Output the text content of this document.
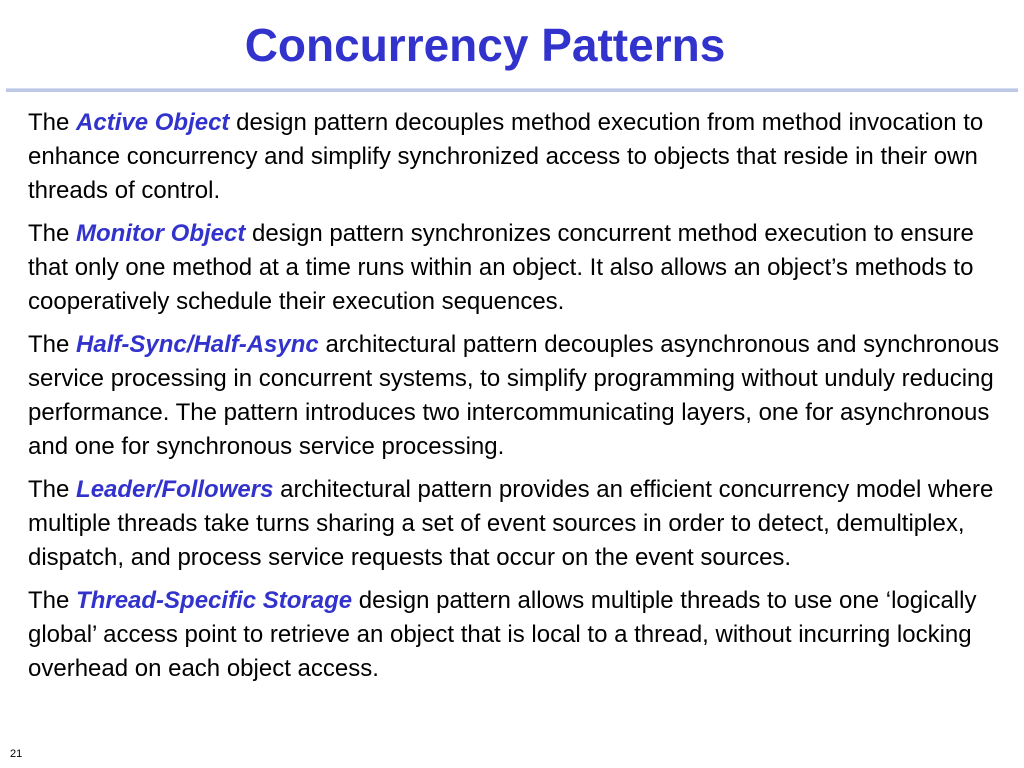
Concurrency Patterns

The Active Object design pattern decouples method execution from method invocation to enhance concurrency and simplify synchronized access to objects that reside in their own threads of control.

The Monitor Object design pattern synchronizes concurrent method execution to ensure that only one method at a time runs within an object. It also allows an object’s methods to cooperatively schedule their execution sequences.

The Half-Sync/Half-Async architectural pattern decouples asynchronous and synchronous service processing in concurrent systems, to simplify programming without unduly reducing performance. The pattern introduces two intercommunicating layers, one for asynchronous and one for synchronous service processing.

The Leader/Followers architectural pattern provides an efficient concurrency model where multiple threads take turns sharing a set of event sources in order to detect, demultiplex, dispatch, and process service requests that occur on the event sources.

The Thread-Specific Storage design pattern allows multiple threads to use one ‘logically global’ access point to retrieve an object that is local to a thread, without incurring locking overhead on each object access.

21
